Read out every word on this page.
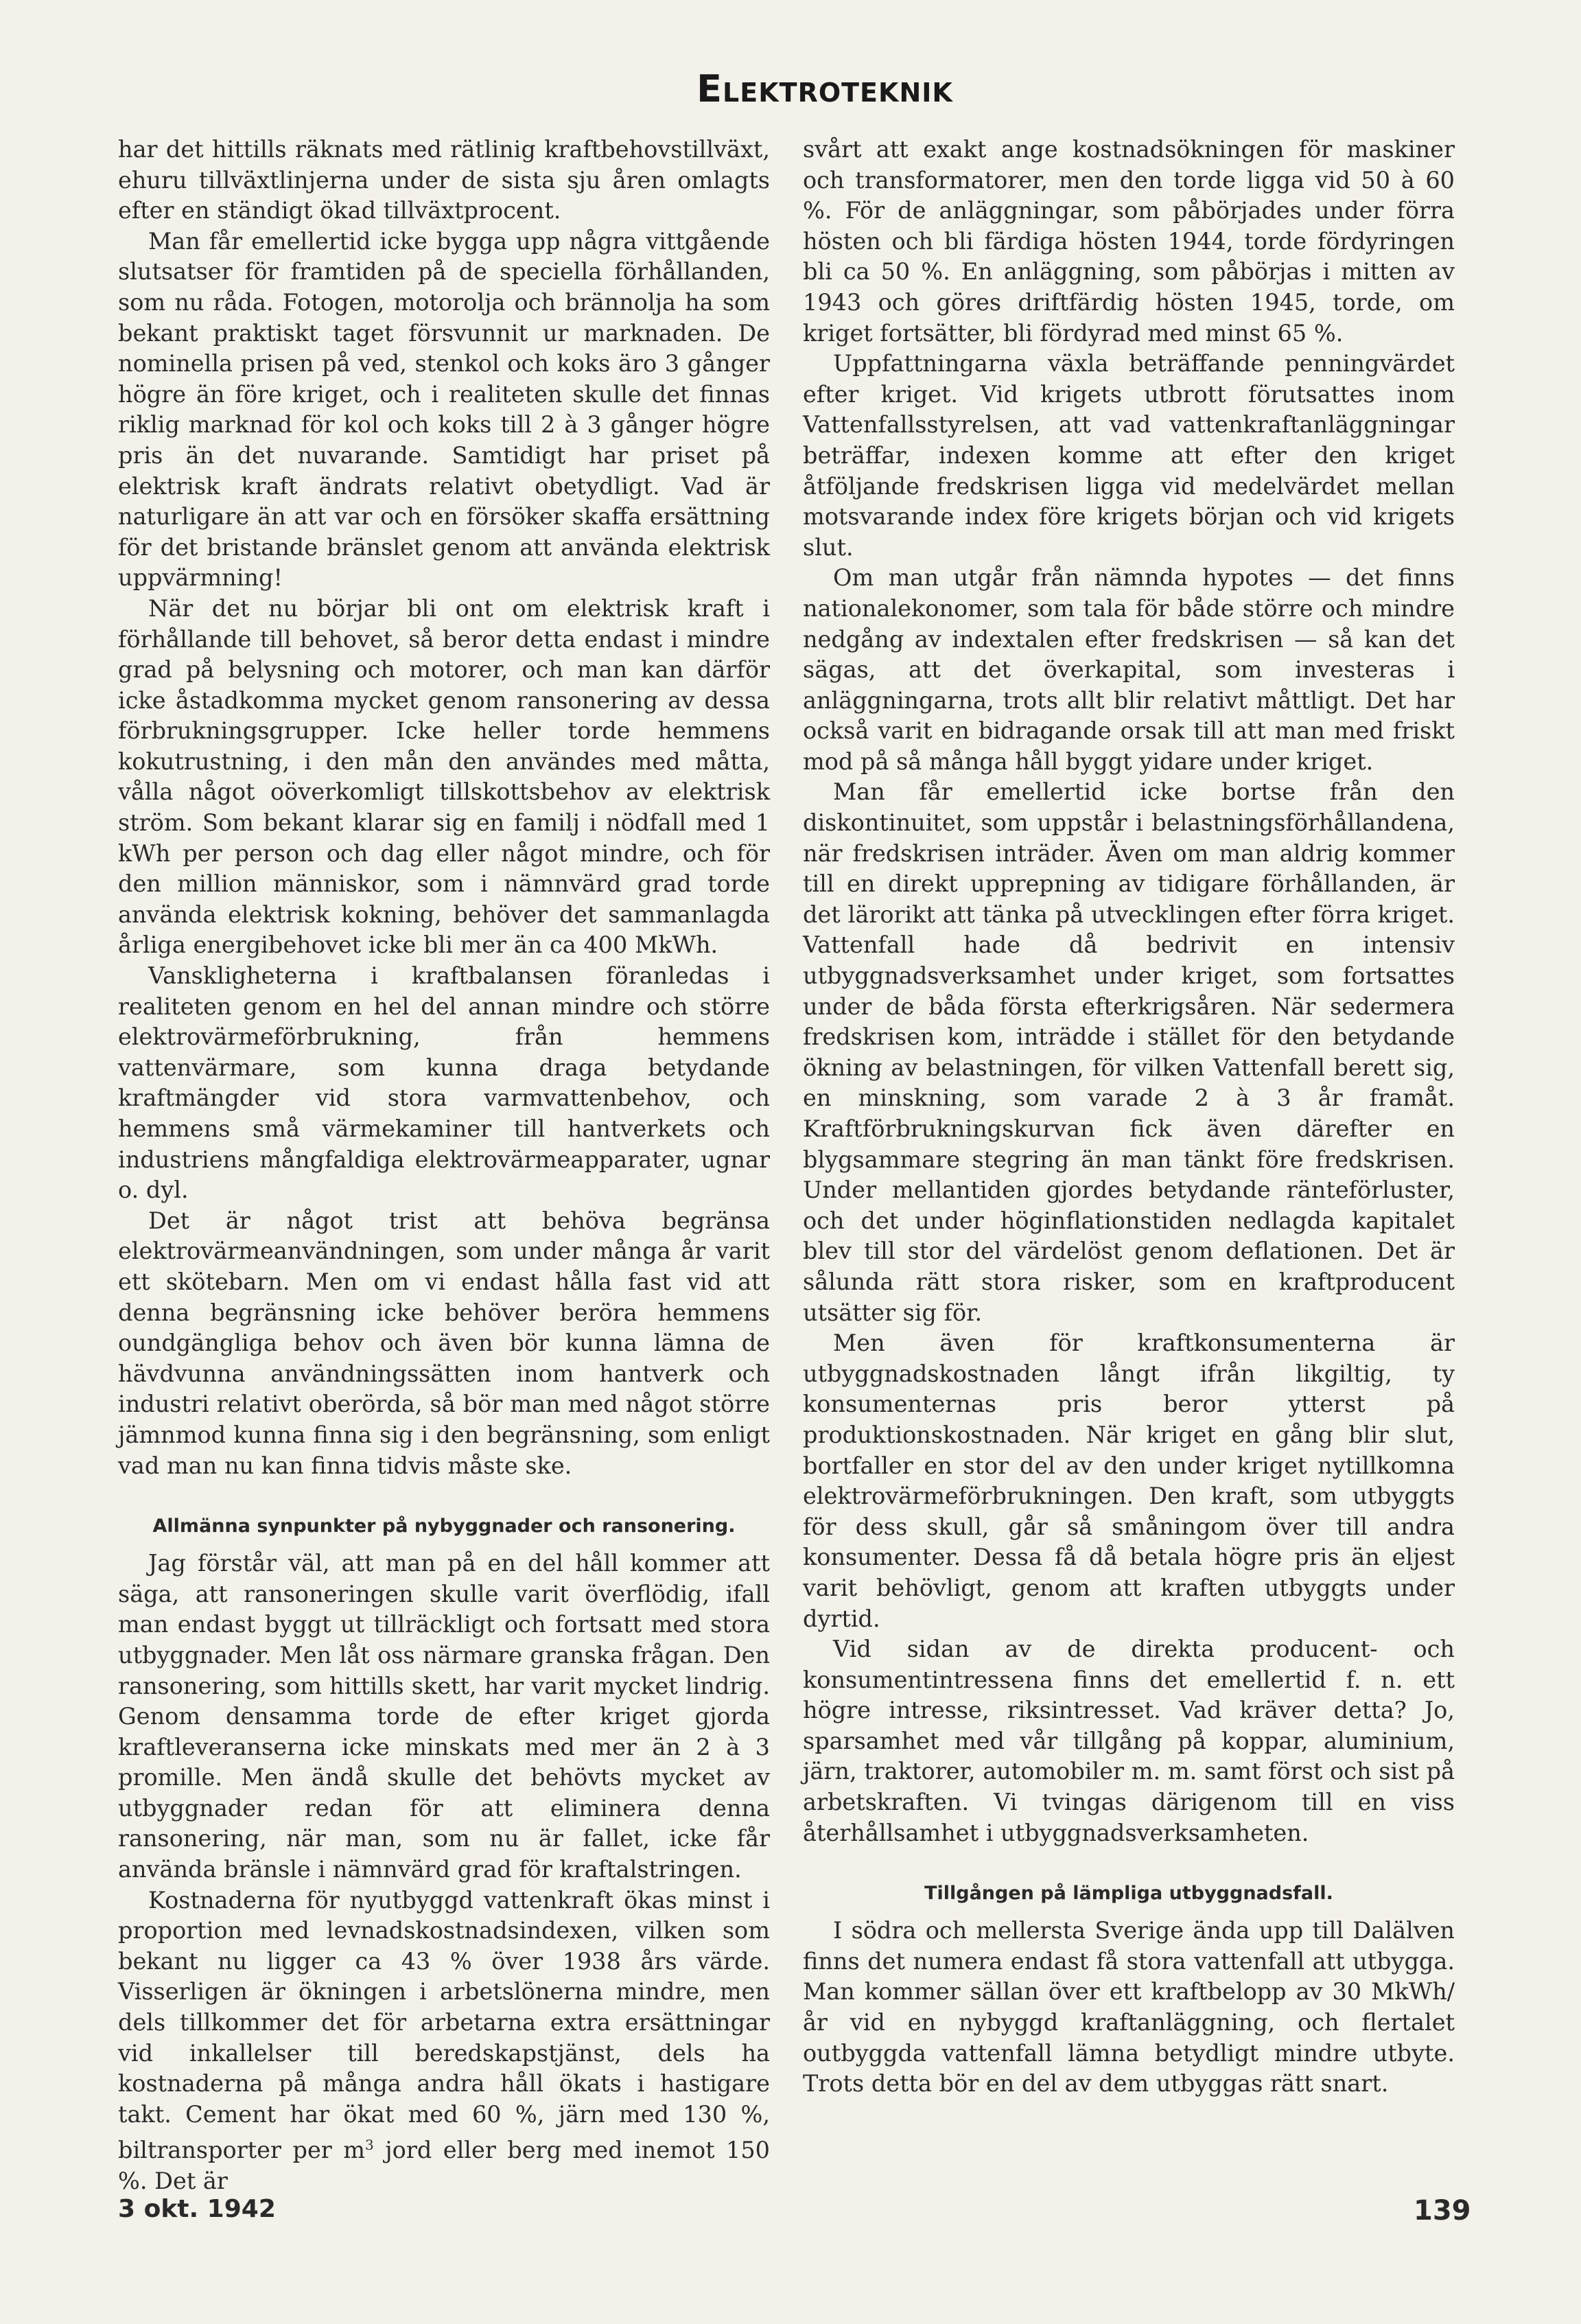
Elektroteknik

har det hittills räknats med rätlinig kraftbehovstillväxt, ehuru tillväxtlinjerna under de sista sju åren omlagts efter en ständigt ökad tillväxtprocent.

Man får emellertid icke bygga upp några vittgående slutsatser för framtiden på de speciella förhållanden, som nu råda. Fotogen, motorolja och brännolja ha som bekant praktiskt taget försvunnit ur marknaden. De nominella prisen på ved, stenkol och koks äro 3 gånger högre än före kriget, och i realiteten skulle det finnas riklig marknad för kol och koks till 2 à 3 gånger högre pris än det nuvarande. Samtidigt har priset på elektrisk kraft ändrats relativt obetydligt. Vad är naturligare än att var och en försöker skaffa ersättning för det bristande bränslet genom att använda elektrisk uppvärmning!

När det nu börjar bli ont om elektrisk kraft i förhållande till behovet, så beror detta endast i mindre grad på belysning och motorer, och man kan därför icke åstadkomma mycket genom ransonering av dessa förbrukningsgrupper. Icke heller torde hemmens kokutrustning, i den mån den användes med måtta, vålla något oöverkomligt tillskottsbehov av elektrisk ström. Som bekant klarar sig en familj i nödfall med 1 kWh per person och dag eller något mindre, och för den million människor, som i nämnvärd grad torde använda elektrisk kokning, behöver det sammanlagda årliga energibehovet icke bli mer än ca 400 MkWh.

Vanskligheterna i kraftbalansen föranledas i realiteten genom en hel del annan mindre och större elektrovärmeförbrukning, från hemmens vattenvärmare, som kunna draga betydande kraftmängder vid stora varmvattenbehov, och hemmens små värmekaminer till hantverkets och industriens mångfaldiga elektrovärmeapparater, ugnar o. dyl.

Det är något trist att behöva begränsa elektrovärmeanvändningen, som under många år varit ett skötebarn. Men om vi endast hålla fast vid att denna begränsning icke behöver beröra hemmens oundgängliga behov och även bör kunna lämna de hävdvunna användningssätten inom hantverk och industri relativt oberörda, så bör man med något större jämnmod kunna finna sig i den begränsning, som enligt vad man nu kan finna tidvis måste ske.

Allmänna synpunkter på nybyggnader och ransonering.

Jag förstår väl, att man på en del håll kommer att säga, att ransoneringen skulle varit överflödig, ifall man endast byggt ut tillräckligt och fortsatt med stora utbyggnader. Men låt oss närmare granska frågan. Den ransonering, som hittills skett, har varit mycket lindrig. Genom densamma torde de efter kriget gjorda kraftleveranserna icke minskats med mer än 2 à 3 promille. Men ändå skulle det behövts mycket av utbyggnader redan för att eliminera denna ransonering, när man, som nu är fallet, icke får använda bränsle i nämnvärd grad för kraftalstringen.

Kostnaderna för nyutbyggd vattenkraft ökas minst i proportion med levnadskostnadsindexen, vilken som bekant nu ligger ca 43 % över 1938 års värde. Visserligen är ökningen i arbetslönerna mindre, men dels tillkommer det för arbetarna extra ersättningar vid inkallelser till beredskapstjänst, dels ha kostnaderna på många andra håll ökats i hastigare takt. Cement har ökat med 60 %, järn med 130 %, biltransporter per $m^3$ jord eller berg med inemot 150 %. Det är

svårt att exakt ange kostnadsökningen för maskiner och transformatorer, men den torde ligga vid 50 à 60 %. För de anläggningar, som påbörjades under förra hösten och bli färdiga hösten 1944, torde fördyringen bli ca 50 %. En anläggning, som påbörjas i mitten av 1943 och göres driftfärdig hösten 1945, torde, om kriget fortsätter, bli fördyrad med minst 65 %.

Uppfattningarna växla beträffande penningvärdet efter kriget. Vid krigets utbrott förutsattes inom Vattenfallsstyrelsen, att vad vattenkraftanläggningar beträffar, indexen komme att efter den kriget åtföljande fredskrisen ligga vid medelvärdet mellan motsvarande index före krigets början och vid krigets slut.

Om man utgår från nämnda hypotes — det finns nationalekonomer, som tala för både större och mindre nedgång av indextalen efter fredskrisen — så kan det sägas, att det överkapital, som investeras i anläggningarna, trots allt blir relativt måttligt. Det har också varit en bidragande orsak till att man med friskt mod på så många håll byggt yidare under kriget.

Man får emellertid icke bortse från den diskontinuitet, som uppstår i belastningsförhållandena, när fredskrisen inträder. Även om man aldrig kommer till en direkt upprepning av tidigare förhållanden, är det lärorikt att tänka på utvecklingen efter förra kriget. Vattenfall hade då bedrivit en intensiv utbyggnadsverksamhet under kriget, som fortsattes under de båda första efterkrigsåren. När sedermera fredskrisen kom, inträdde i stället för den betydande ökning av belastningen, för vilken Vattenfall berett sig, en minskning, som varade 2 à 3 år framåt. Kraftförbrukningskurvan fick även därefter en blygsammare stegring än man tänkt före fredskrisen. Under mellantiden gjordes betydande ränteförluster, och det under höginflationstiden nedlagda kapitalet blev till stor del värdelöst genom deflationen. Det är sålunda rätt stora risker, som en kraftproducent utsätter sig för.

Men även för kraftkonsumenterna är utbyggnadskostnaden långt ifrån likgiltig, ty konsumenternas pris beror ytterst på produktionskostnaden. När kriget en gång blir slut, bortfaller en stor del av den under kriget nytillkomna elektrovärmeförbrukningen. Den kraft, som utbyggts för dess skull, går så småningom över till andra konsumenter. Dessa få då betala högre pris än eljest varit behövligt, genom att kraften utbyggts under dyrtid.

Vid sidan av de direkta producent- och konsumentintressena finns det emellertid f. n. ett högre intresse, riksintresset. Vad kräver detta? Jo, sparsamhet med vår tillgång på koppar, aluminium, järn, traktorer, automobiler m. m. samt först och sist på arbetskraften. Vi tvingas därigenom till en viss återhållsamhet i utbyggnadsverksamheten.

Tillgången på lämpliga utbyggnadsfall.

I södra och mellersta Sverige ända upp till Dalälven finns det numera endast få stora vattenfall att utbygga. Man kommer sällan över ett kraftbelopp av 30 MkWh/år vid en nybyggd kraftanläggning, och flertalet outbyggda vattenfall lämna betydligt mindre utbyte. Trots detta bör en del av dem utbyggas rätt snart.

3 okt. 1942	139
